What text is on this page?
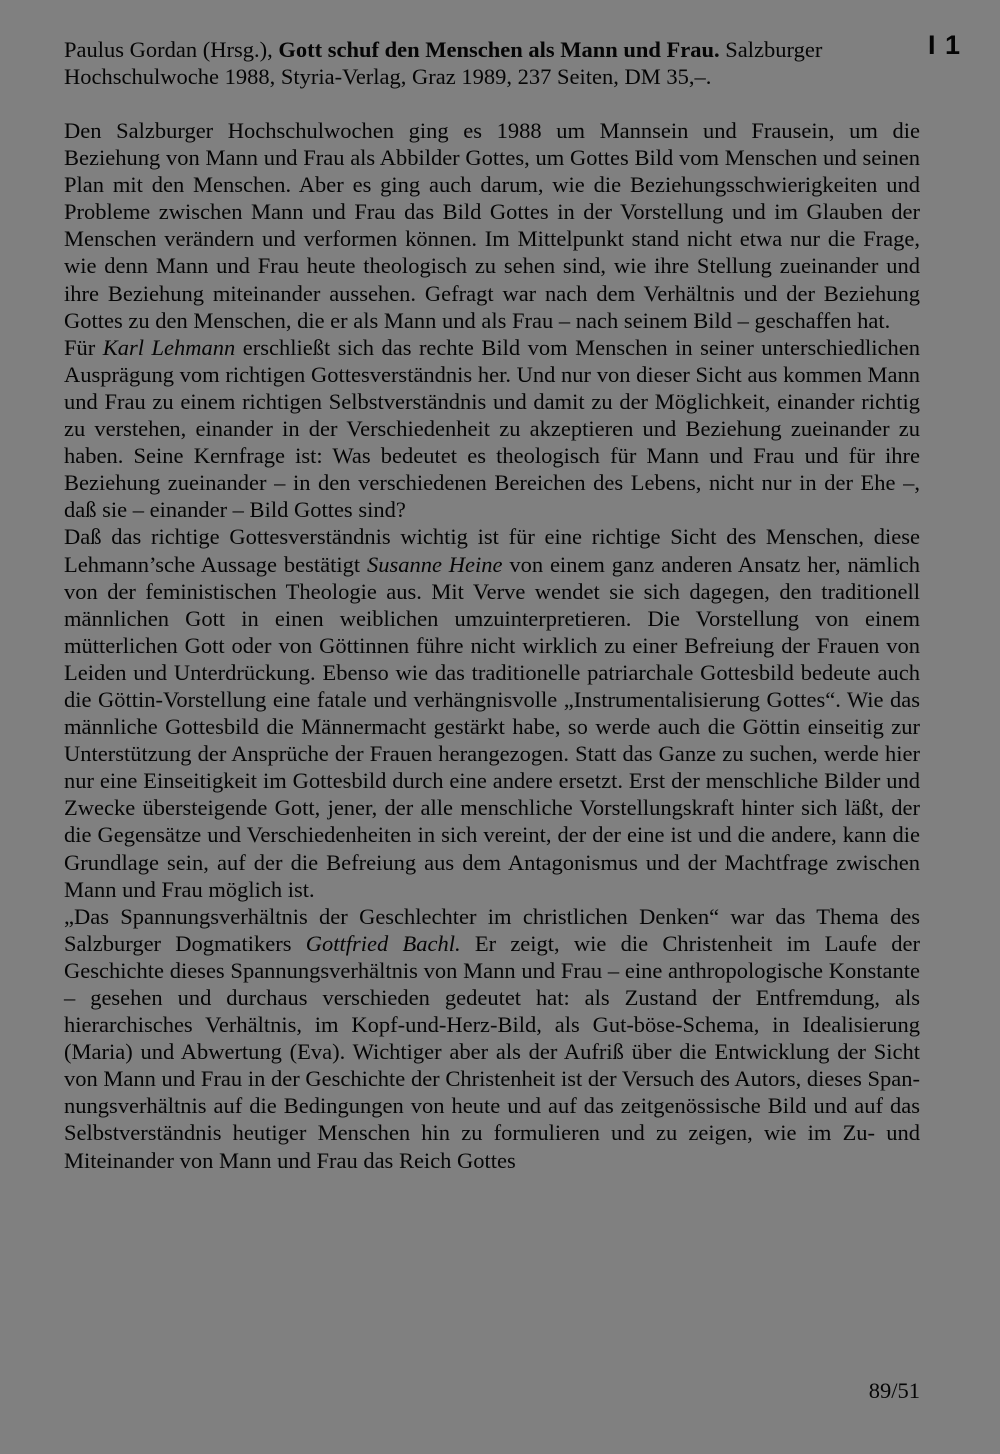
I 1
Paulus Gordan (Hrsg.), Gott schuf den Menschen als Mann und Frau. Salzburger Hochschulwoche 1988, Styria-Verlag, Graz 1989, 237 Seiten, DM 35,–.

Den Salzburger Hochschulwochen ging es 1988 um Mannsein und Frausein, um die Beziehung von Mann und Frau als Abbilder Gottes, um Gottes Bild vom Menschen und seinen Plan mit den Menschen. Aber es ging auch darum, wie die Beziehungsschwierigkeiten und Probleme zwischen Mann und Frau das Bild Gottes in der Vorstellung und im Glauben der Menschen verändern und verformen können. Im Mittelpunkt stand nicht etwa nur die Frage, wie denn Mann und Frau heute theologisch zu sehen sind, wie ihre Stellung zueinander und ihre Beziehung miteinander aussehen. Gefragt war nach dem Verhältnis und der Beziehung Gottes zu den Menschen, die er als Mann und als Frau – nach seinem Bild – geschaffen hat.

Für Karl Lehmann erschließt sich das rechte Bild vom Menschen in seiner unterschiedlichen Ausprägung vom richtigen Gottesverständnis her. Und nur von dieser Sicht aus kommen Mann und Frau zu einem richtigen Selbstverständnis und damit zu der Möglichkeit, einander richtig zu verstehen, einander in der Verschiedenheit zu akzeptieren und Beziehung zueinander zu haben. Seine Kernfrage ist: Was bedeutet es theologisch für Mann und Frau und für ihre Beziehung zueinander – in den verschiedenen Bereichen des Lebens, nicht nur in der Ehe –, daß sie – einander – Bild Gottes sind?

Daß das richtige Gottesverständnis wichtig ist für eine richtige Sicht des Menschen, diese Lehmann’sche Aussage bestätigt Susanne Heine von einem ganz anderen Ansatz her, nämlich von der feministischen Theologie aus. Mit Verve wendet sie sich dagegen, den traditionell männlichen Gott in einen weiblichen umzuinterpretieren. Die Vorstellung von einem mütterlichen Gott oder von Göttinnen führe nicht wirklich zu einer Befreiung der Frauen von Leiden und Unterdrückung. Ebenso wie das traditionelle patriarchale Gottesbild bedeute auch die Göttin-Vorstellung eine fatale und verhängnisvolle „Instrumentalisierung Gottes“. Wie das männliche Gottesbild die Männermacht gestärkt habe, so werde auch die Göttin einseitig zur Unterstützung der Ansprüche der Frauen herangezogen. Statt das Ganze zu suchen, werde hier nur eine Einseitigkeit im Gottesbild durch eine andere ersetzt. Erst der menschliche Bilder und Zwecke übersteigende Gott, jener, der alle menschliche Vorstellungskraft hinter sich läßt, der die Gegensätze und Verschiedenheiten in sich vereint, der der eine ist und die andere, kann die Grundlage sein, auf der die Befreiung aus dem Antagonismus und der Machtfrage zwischen Mann und Frau möglich ist.

„Das Spannungsverhältnis der Geschlechter im christlichen Denken“ war das Thema des Salzburger Dogmatikers Gottfried Bachl. Er zeigt, wie die Christenheit im Laufe der Geschichte dieses Spannungsverhältnis von Mann und Frau – eine anthropologische Konstante – gesehen und durchaus verschieden gedeutet hat: als Zustand der Entfremdung, als hierarchisches Verhältnis, im Kopf-und-Herz-Bild, als Gut-böse-Schema, in Idealisierung (Maria) und Abwertung (Eva). Wichtiger aber als der Aufriß über die Entwicklung der Sicht von Mann und Frau in der Geschichte der Christenheit ist der Versuch des Autors, dieses Spannungsverhältnis auf die Bedingungen von heute und auf das zeitgenössische Bild und auf das Selbstverständnis heutiger Menschen hin zu formulieren und zu zeigen, wie im Zu- und Miteinander von Mann und Frau das Reich Gottes

89/51
